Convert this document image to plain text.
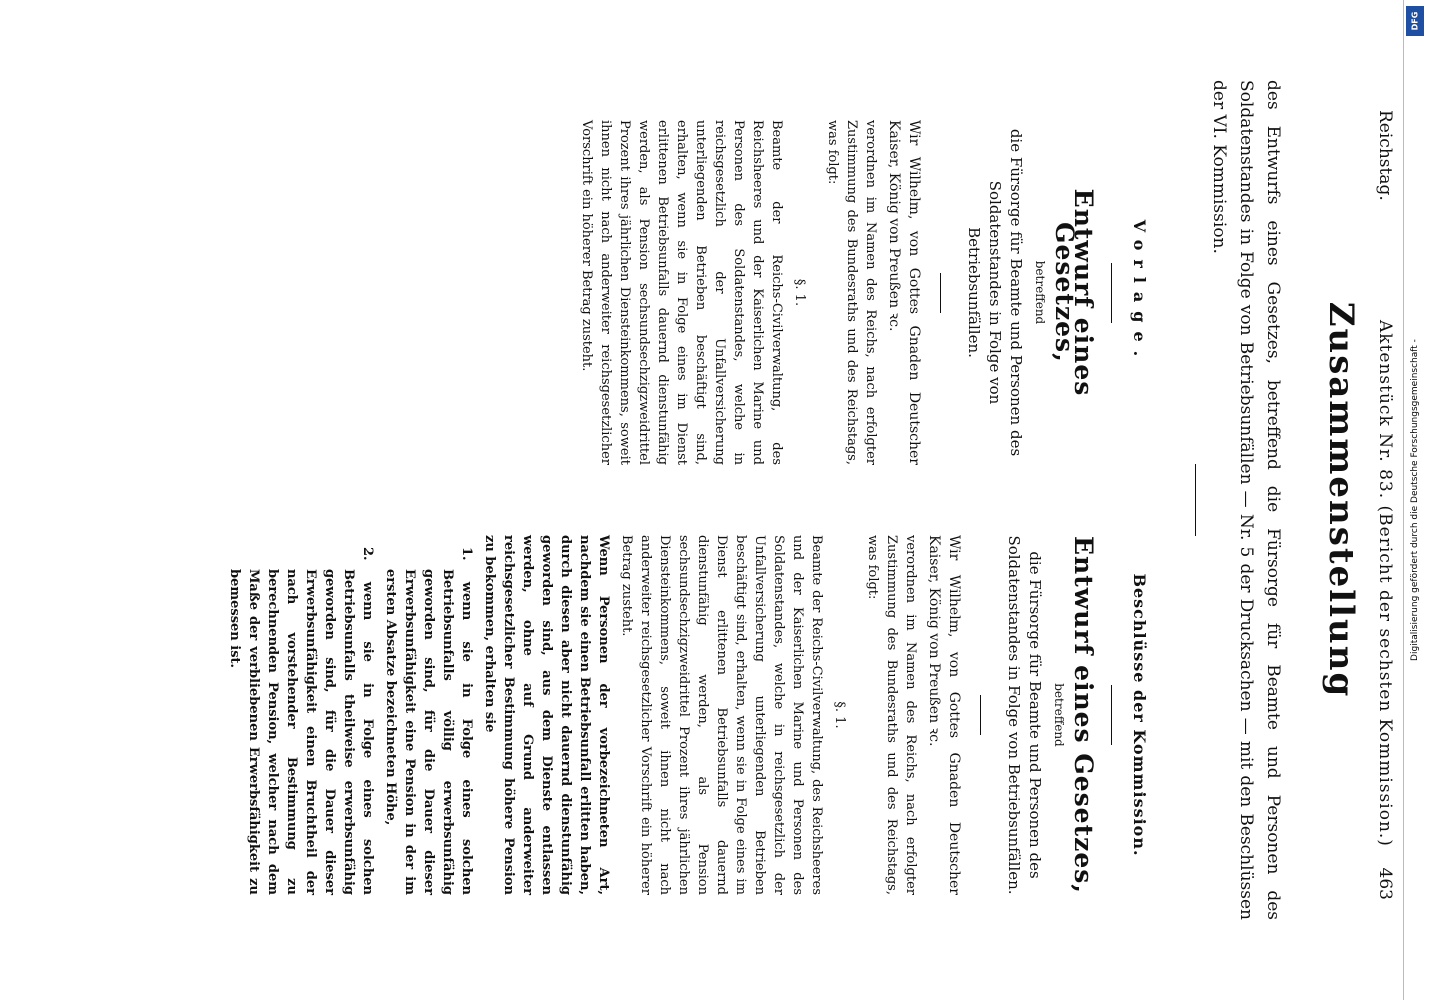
Reichstag.
Aktenstück Nr. 83. (Bericht der sechsten Kommission.)
463
Zusammenstellung
des Entwurfs eines Gesetzes, betreffend die Fürsorge für Beamte und Personen des Soldatenstandes in Folge von Betriebsunfällen — Nr. 5 der Drucksachen — mit den Beschlüssen der VI. Kommission.
Vorlage.
Entwurf eines Gesetzes,
betreffend
die Fürsorge für Beamte und Personen des Soldatenstandes in Folge von Betriebsunfällen.

Wir Wilhelm, von Gottes Gnaden Deutscher Kaiser, König von Preußen ꝛc.

verordnen im Namen des Reichs, nach erfolgter Zustimmung des Bundesraths und des Reichstags, was folgt:

§. 1.

Beamte der Reichs-Civilverwaltung, des Reichsheeres und der Kaiserlichen Marine und Personen des Soldatenstandes, welche in reichsgesetzlich der Unfallversicherung unterliegenden Betrieben beschäftigt sind, erhalten, wenn sie in Folge eines im Dienst erlittenen Betriebsunfalls dauernd dienstunfähig werden, als Pension sechsundsechzigzweidrittel Prozent ihres jährlichen Diensteinkommens, soweit ihnen nicht nach anderweiter reichsgesetzlicher Vorschrift ein höherer Betrag zusteht.

Beschlüsse der Kommission.
Entwurf eines Gesetzes,
betreffend
die Fürsorge für Beamte und Personen des Soldatenstandes in Folge von Betriebsunfällen.

Wir Wilhelm, von Gottes Gnaden Deutscher Kaiser, König von Preußen ꝛc.

verordnen im Namen des Reichs, nach erfolgter Zustimmung des Bundesraths und des Reichstags, was folgt:

§. 1.

Beamte der Reichs-Civilverwaltung, des Reichsheeres und der Kaiserlichen Marine und Personen des Soldatenstandes, welche in reichsgesetzlich der Unfallversicherung unterliegenden Betrieben beschäftigt sind, erhalten, wenn sie in Folge eines im Dienst erlittenen Betriebsunfalls dauernd dienstunfähig werden, als Pension sechsundsechzigzweidrittel Prozent ihres jährlichen Diensteinkommens, soweit ihnen nicht nach anderweiter reichsgesetzlicher Vorschrift ein höherer Betrag zusteht.

Wenn Personen der vorbezeichneten Art, nachdem sie einen Betriebsunfall erlitten haben, durch diesen aber nicht dauernd dienstunfähig geworden sind, aus dem Dienste entlassen werden, ohne auf Grund anderweiter reichsgesetzlicher Bestimmung höhere Pension zu bekommen, erhalten sie

1. wenn sie in Folge eines solchen Betriebsunfalls völlig erwerbsunfähig geworden sind, für die Dauer dieser Erwerbsunfähigkeit eine Pension in der im ersten Absatze bezeichneten Höhe,

2. wenn sie in Folge eines solchen Betriebsunfalls theilweise erwerbsunfähig geworden sind, für die Dauer dieser Erwerbsunfähigkeit einen Bruchtheil der nach vorstehender Bestimmung zu berechnenden Pension, welcher nach dem Maße der verbliebenen Erwerbsfähigkeit zu bemessen ist.	Digitalisierung gefördert durch die Deutsche Forschungsgemeinschaft -
DFG
